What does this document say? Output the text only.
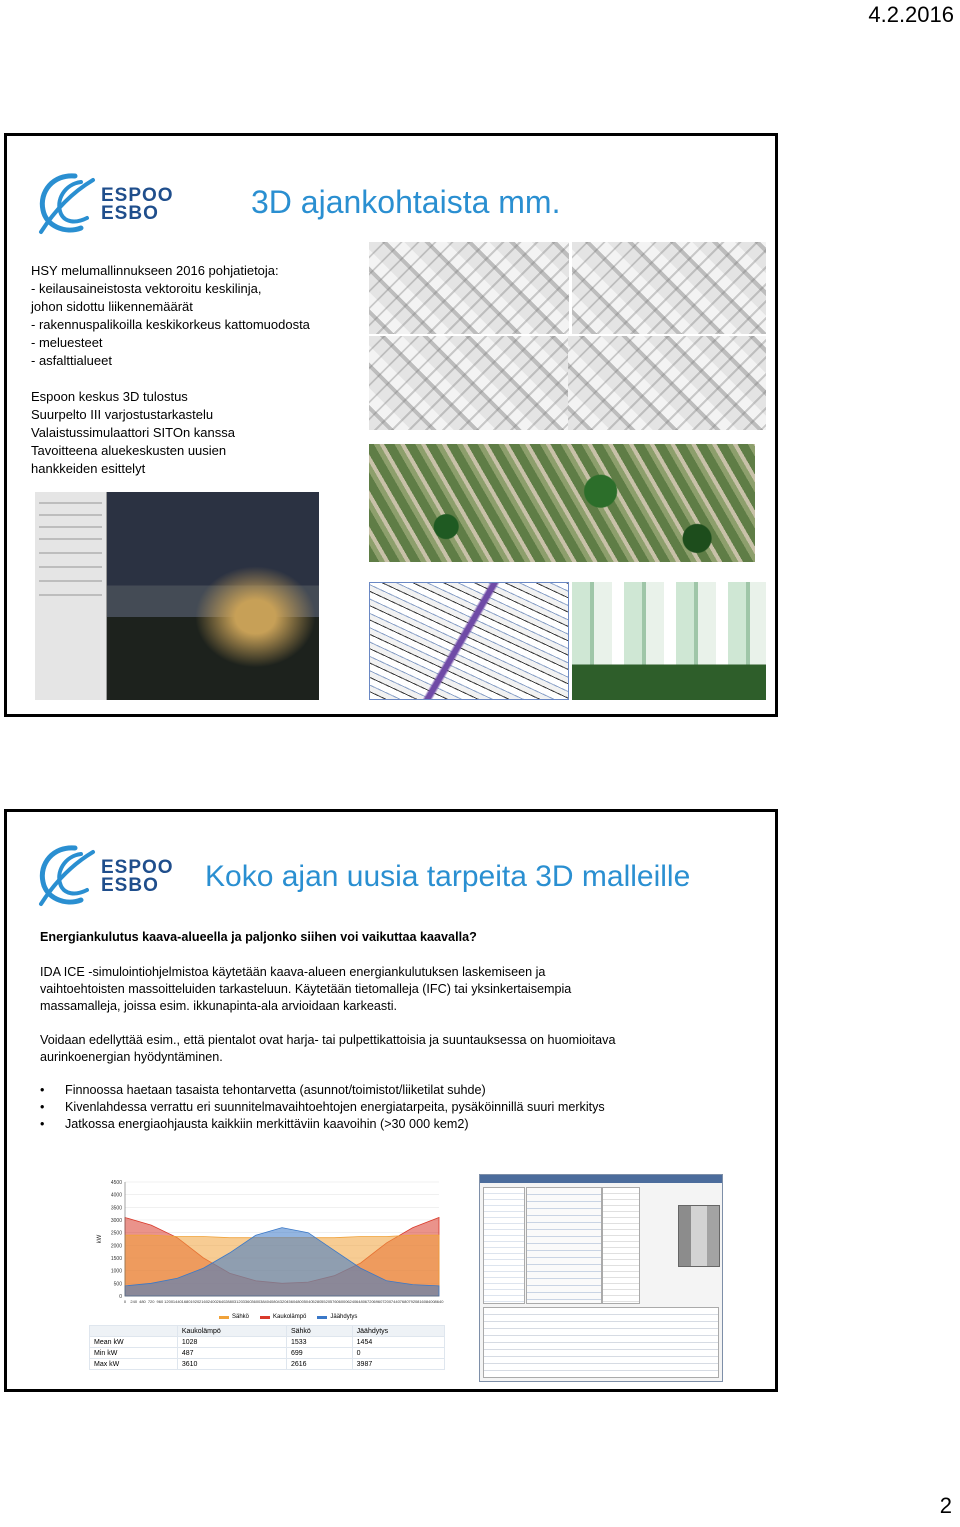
4.2.2016
ESPOO
ESBO	3D ajankohtaista mm.
HSY melumallinnukseen 2016 pohjatietoja:
- keilausaineistosta vektoroitu keskilinja,
johon sidottu liikennemäärät
- rakennuspalikoilla keskikorkeus kattomuodosta
- meluesteet
- asfalttialueet
Espoon keskus 3D tulostus
Suurpelto III varjostustarkastelu
Valaistussimulaattori SITOn kanssa
Tavoitteena aluekeskusten uusien
hankkeiden esittelyt
ESPOO
ESBO	Koko ajan uusia tarpeita 3D malleille
Energiankulutus kaava-alueella ja paljonko siihen voi vaikuttaa kaavalla?
IDA ICE -simulointiohjelmistoa käytetään kaava-alueen energiankulutuksen laskemiseen ja vaihtoehtoisten massoitteluiden tarkasteluun. Käytetään tietomalleja (IFC) tai yksinkertaisempia massamalleja, joissa esim. ikkunapinta-ala arvioidaan karkeasti.
Voidaan edellyttää esim., että pientalot ovat harja- tai pulpettikattoisia ja suuntauksessa on huomioitava aurinkoenergian hyödyntäminen.
• Finnoossa haetaan tasaista tehontarvetta (asunnot/toimistot/liiketilat suhde)
• Kivenlahdessa verrattu eri suunnitelmavaihtoehtojen energiatarpeita, pysäköinnillä suuri merkitys
• Jatkossa energiaohjausta kaikkiin merkittäviin kaavoihin (>30 000 kem2)
0
500
1000
1500
2000
2500
3000
3500
4000
4500
kW
0 240 480 720 960 1200 1440 1680 1920 2160 2400 2640 2880 3120 3360 3600 3840 4080 4320 4560 4800 5040 5280 5520 5760 6000 6240 6480 6720 6960 7200 7440 7680 7920 8160 8400 8640
Sähkö	Kaukolämpö	Jäähdytys
	Kaukolämpö	Sähkö	Jäähdytys
Mean kW	1028	1533	1454
Min kW	487	699	0
Max kW	3610	2616	3987
2
